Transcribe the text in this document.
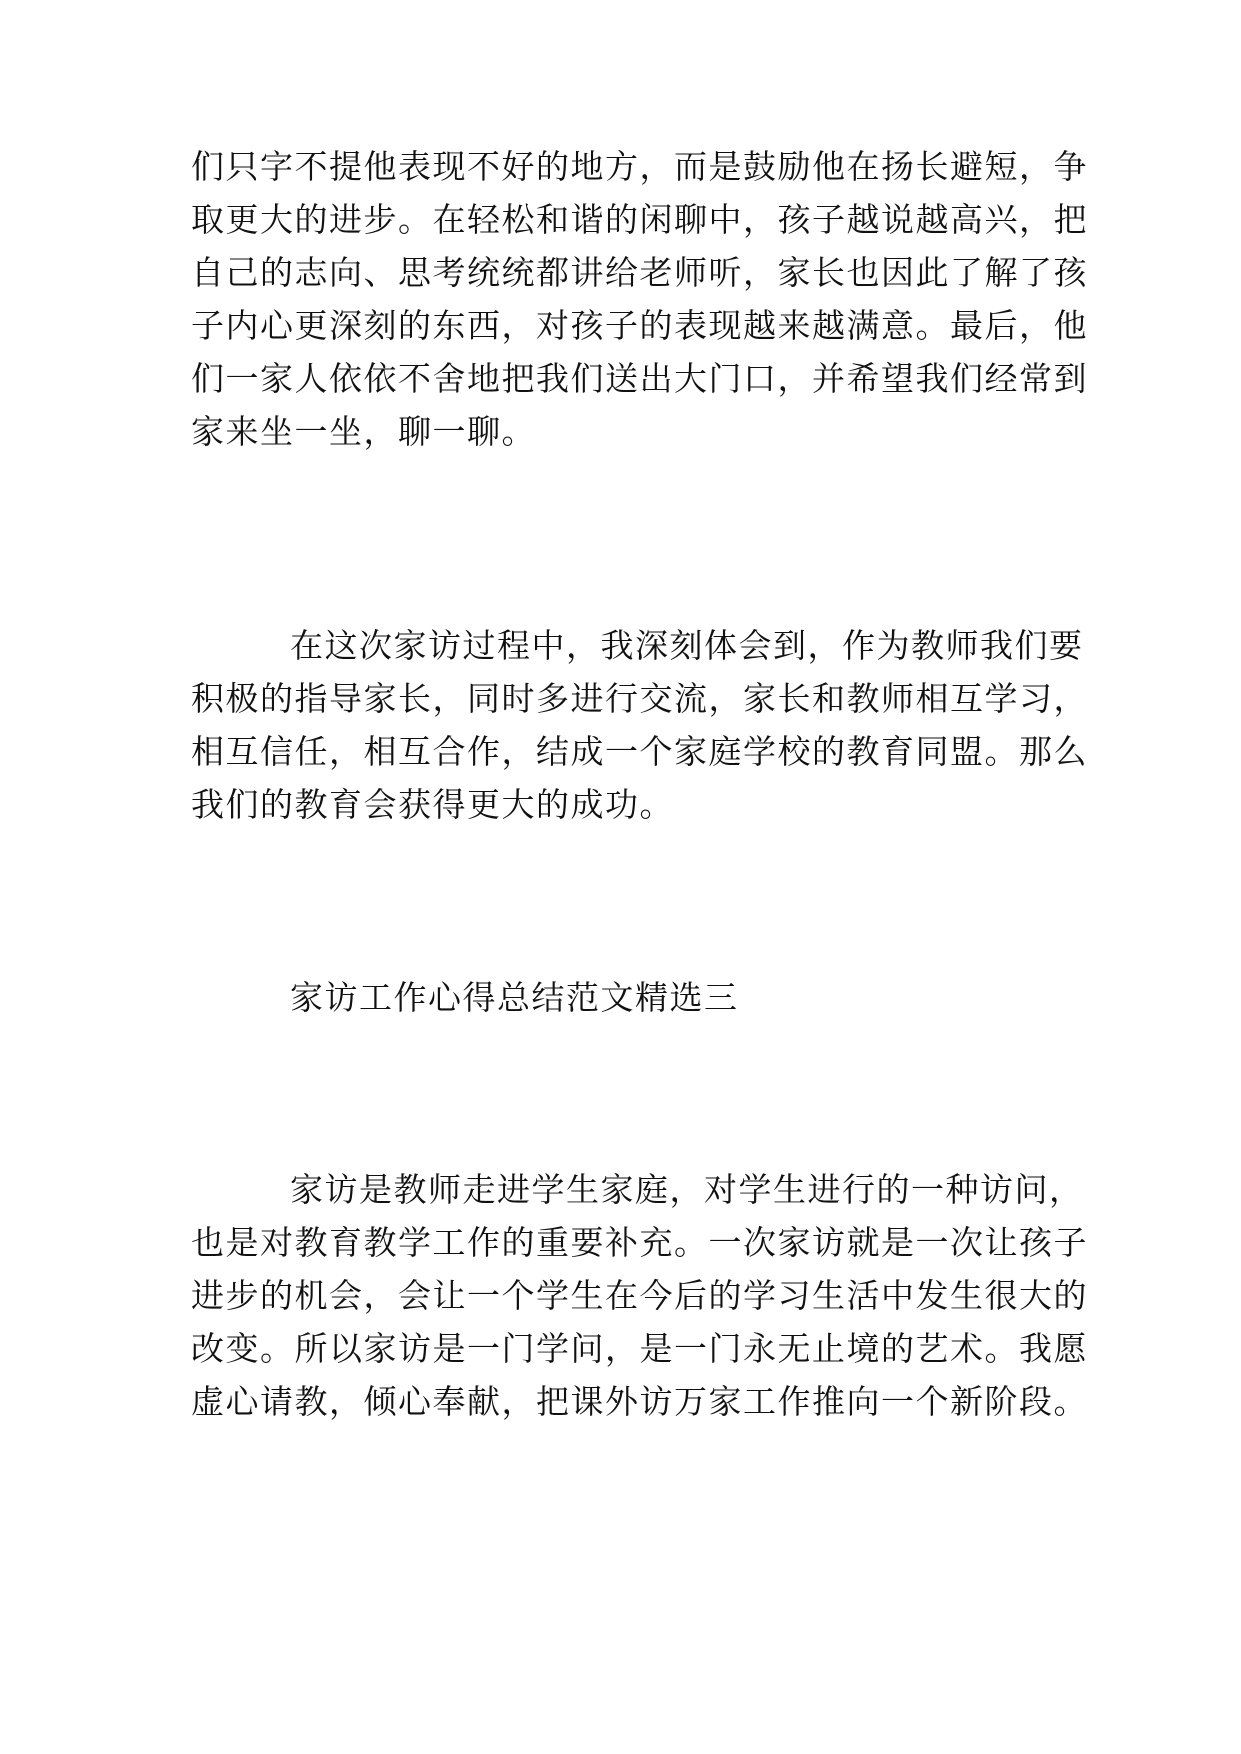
们只字不提他表现不好的地方，而是鼓励他在扬长避短，争

取更大的进步。在轻松和谐的闲聊中，孩子越说越高兴，把

自己的志向、思考统统都讲给老师听，家长也因此了解了孩

子内心更深刻的东西，对孩子的表现越来越满意。最后，他

们一家人依依不舍地把我们送出大门口，并希望我们经常到

家来坐一坐，聊一聊。

在这次家访过程中，我深刻体会到，作为教师我们要

积极的指导家长，同时多进行交流，家长和教师相互学习，

相互信任，相互合作，结成一个家庭学校的教育同盟。那么

我们的教育会获得更大的成功。

家访工作心得总结范文精选三

家访是教师走进学生家庭，对学生进行的一种访问，

也是对教育教学工作的重要补充。一次家访就是一次让孩子

进步的机会，会让一个学生在今后的学习生活中发生很大的

改变。所以家访是一门学问，是一门永无止境的艺术。我愿

虚心请教，倾心奉献，把课外访万家工作推向一个新阶段。
